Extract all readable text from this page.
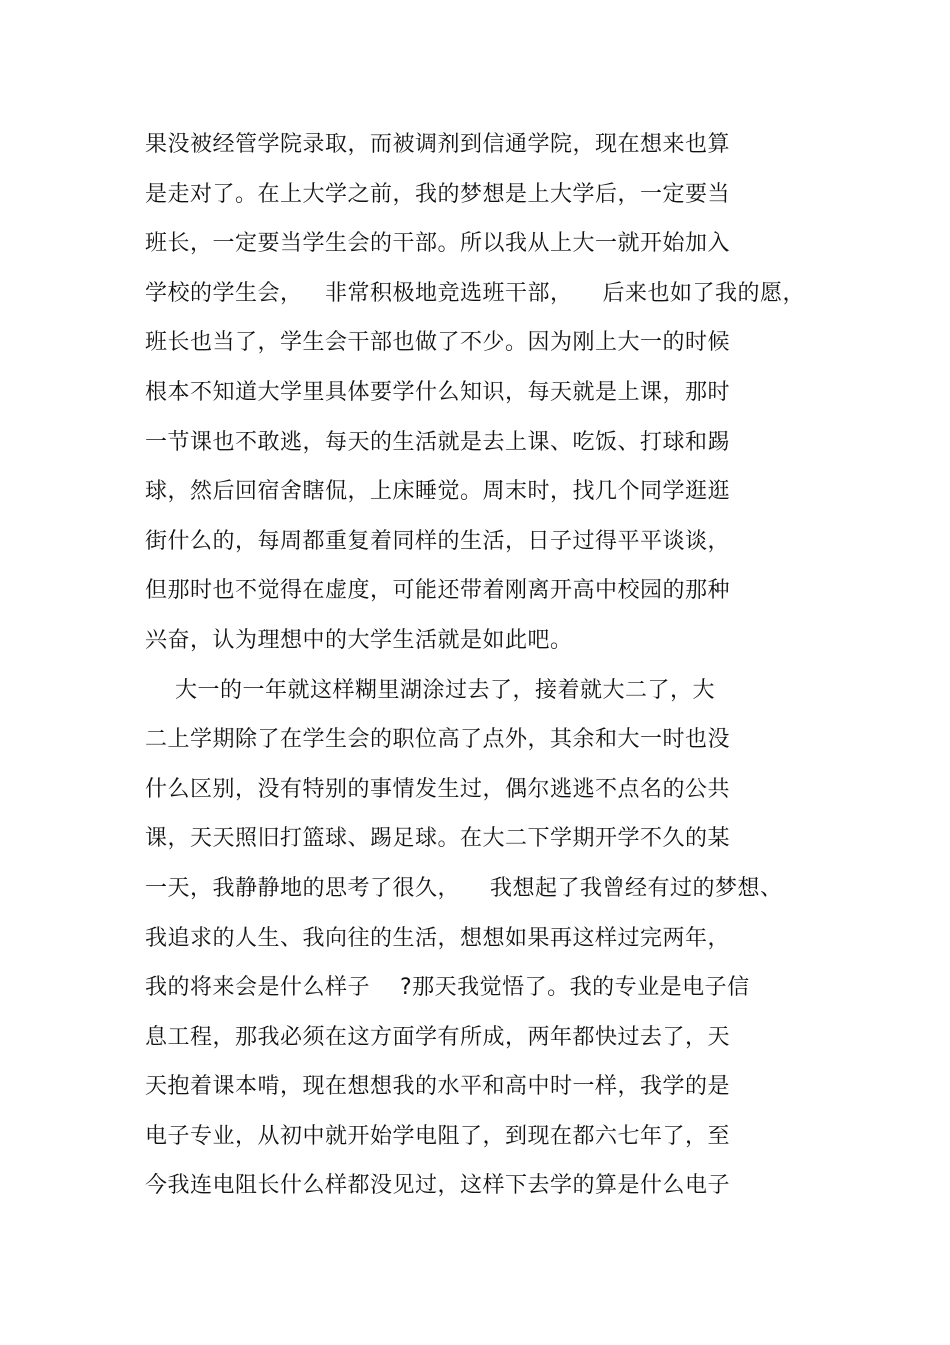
果没被经管学院录取，而被调剂到信通学院，现在想来也算
是走对了。在上大学之前，我的梦想是上大学后，一定要当
班长，一定要当学生会的干部。所以我从上大一就开始加入
学校的学生会，   非常积极地竞选班干部，    后来也如了我的愿，
班长也当了，学生会干部也做了不少。因为刚上大一的时候
根本不知道大学里具体要学什么知识，每天就是上课，那时
一节课也不敢逃，每天的生活就是去上课、吃饭、打球和踢
球，然后回宿舍瞎侃，上床睡觉。周末时，找几个同学逛逛
街什么的，每周都重复着同样的生活，日子过得平平谈谈，
但那时也不觉得在虚度，可能还带着刚离开高中校园的那种
兴奋，认为理想中的大学生活就是如此吧。
大一的一年就这样糊里湖涂过去了，接着就大二了，大
二上学期除了在学生会的职位高了点外，其余和大一时也没
什么区别，没有特别的事情发生过，偶尔逃逃不点名的公共
课，天天照旧打篮球、踢足球。在大二下学期开学不久的某
一天，我静静地的思考了很久，    我想起了我曾经有过的梦想、
我追求的人生、我向往的生活，想想如果再这样过完两年，
我的将来会是什么样子    ?那天我觉悟了。我的专业是电子信
息工程，那我必须在这方面学有所成，两年都快过去了，天
天抱着课本啃，现在想想我的水平和高中时一样，我学的是
电子专业，从初中就开始学电阻了，到现在都六七年了，至
今我连电阻长什么样都没见过，这样下去学的算是什么电子
